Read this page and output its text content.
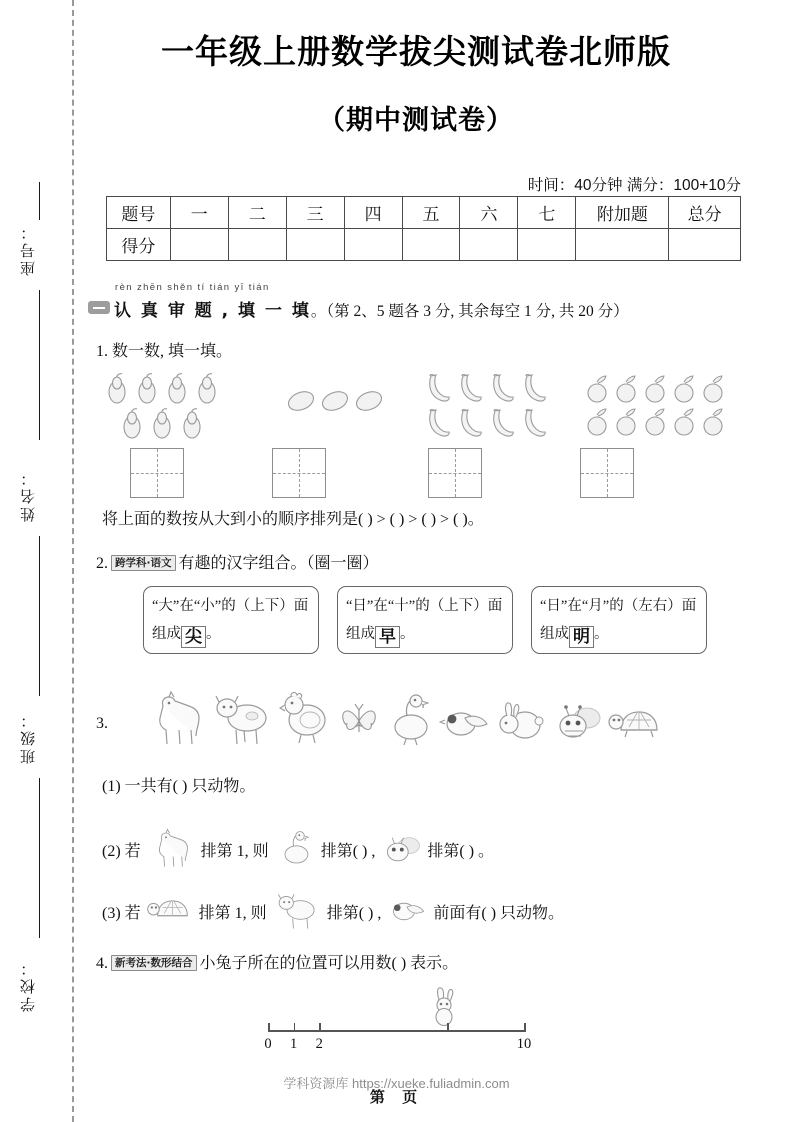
座号：
姓名：
班级：
学校：
一年级上册数学拔尖测试卷北师版
（期中测试卷）
时间：40分钟 满分：100+10分
题号	一	二	三	四	五	六	七	附加题	总分
得分									
rèn zhēn shěn tí tián yī tián
认 真 审 题 , 填 一 填。（第 2、5 题各 3 分, 其余每空 1 分, 共 20 分）
1. 数一数, 填一填。
将上面的数按从大到小的顺序排列是( ) > ( ) > ( ) > ( )。
2. 跨学科·语文 有趣的汉字组合。（圈一圈）
“大”在“小”的（上下）面组成 尖 。
“日”在“十”的（上下）面组成 早 。
“日”在“月”的（左右）面组成 明 。
3.
(1) 一共有( ) 只动物。
(2) 若	排第 1, 则	排第( ) ,	排第( ) 。
(3) 若	排第 1, 则	排第( ) ,	前面有( ) 只动物。
4. 新考法·数形结合 小兔子所在的位置可以用数( ) 表示。
0 1 2	10
学科资源库 https://xueke.fuliadmin.com
第 页
